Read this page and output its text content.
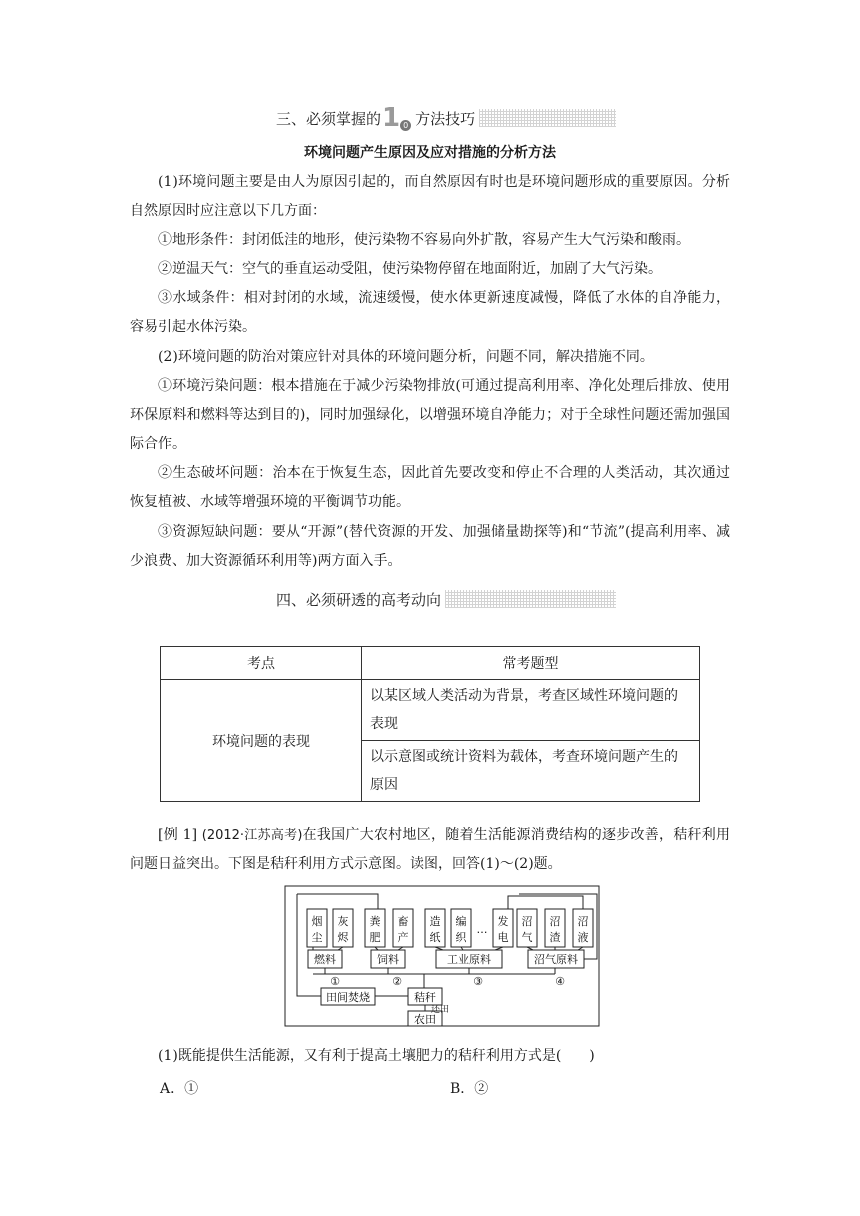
三、必须掌握的 1 0 方法技巧
环境问题产生原因及应对措施的分析方法

(1)环境问题主要是由人为原因引起的，而自然原因有时也是环境问题形成的重要原因。分析自然原因时应注意以下几方面：

①地形条件：封闭低洼的地形，使污染物不容易向外扩散，容易产生大气污染和酸雨。

②逆温天气：空气的垂直运动受阻，使污染物停留在地面附近，加剧了大气污染。

③水域条件：相对封闭的水域，流速缓慢，使水体更新速度减慢，降低了水体的自净能力，容易引起水体污染。

(2)环境问题的防治对策应针对具体的环境问题分析，问题不同，解决措施不同。

①环境污染问题：根本措施在于减少污染物排放(可通过提高利用率、净化处理后排放、使用环保原料和燃料等达到目的)，同时加强绿化，以增强环境自净能力；对于全球性问题还需加强国际合作。

②生态破坏问题：治本在于恢复生态，因此首先要改变和停止不合理的人类活动，其次通过恢复植被、水域等增强环境的平衡调节功能。

③资源短缺问题：要从“开源”(替代资源的开发、加强储量勘探等)和“节流”(提高利用率、减少浪费、加大资源循环利用等)两方面入手。

四、必须研透的高考动向
考点	常考题型
环境问题的表现	以某区域人类活动为背景，考查区域性环境问题的表现
	以示意图或统计资料为载体，考查环境问题产生的原因

[例 1] (2012·江苏高考)在我国广大农村地区，随着生活能源消费结构的逐步改善，秸秆利用问题日益突出。下图是秸秆利用方式示意图。读图，回答(1)～(2)题。

烟
尘
灰
烬
粪
肥
畜
产
造
纸
编
织
…
发
电
沼
气
沼
渣
沼
液
燃料	饲料	工业原料	沼气原料
①	②	③	④
田间焚烧	秸秆
农田
还田

(1)既能提供生活能源，又有利于提高土壤肥力的秸秆利用方式是(　　)

A．①	B．②
